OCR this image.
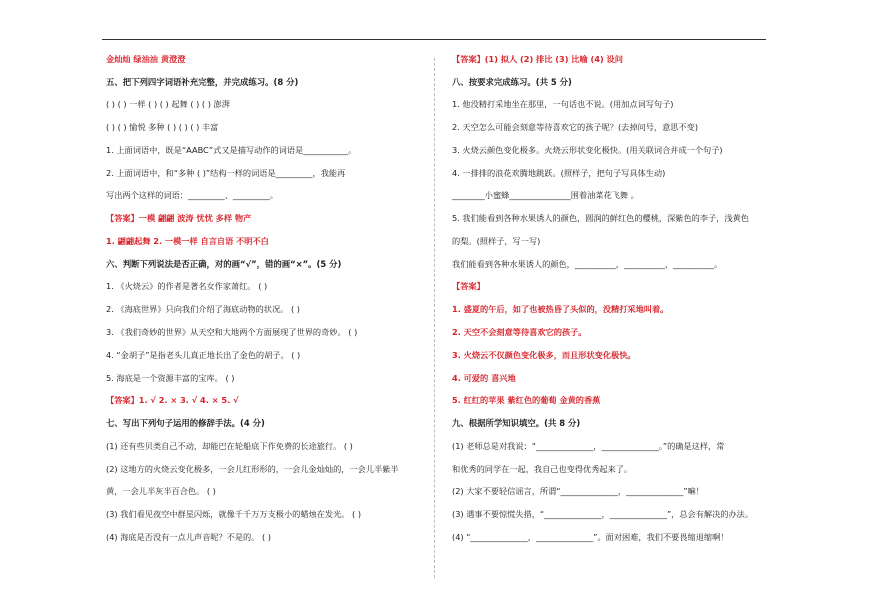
金灿灿 绿油油 黄澄澄
五、把下列四字词语补充完整，并完成练习。(8 分)
( ) ( ) 一样 ( ) ( ) 起舞 ( ) ( ) 澎湃
( ) ( ) 愉悦 多种 ( ) ( ) ( ) 丰富
1. 上面词语中，既是“AABC”式又是描写动作的词语是___________。
2. 上面词语中，和“多种 ( )”结构一样的词语是_________，我能再
写出两个这样的词语：_________、_________。
【答案】一模 翩翩 波涛 忧忧 多样 物产
1. 翩翩起舞 2. 一模一样 自言自语 不明不白
六、判断下列说法是否正确，对的画“√”，错的画“×”。(5 分)
1. 《火烧云》的作者是著名女作家萧红。 ( )
2. 《海底世界》只向我们介绍了海底动物的状况。 ( )
3. 《我们奇妙的世界》从天空和大地两个方面展现了世界的奇妙。 ( )
4. “金胡子”是指老头儿真正地长出了金色的胡子。 ( )
5. 海底是一个资源丰富的宝库。 ( )
【答案】1. √ 2. × 3. √ 4. × 5. √
七、写出下列句子运用的修辞手法。(4 分)
(1) 还有些贝类自己不动，却能巴在轮船底下作免费的长途旅行。 ( )
(2) 这地方的火烧云变化极多，一会儿红形形的，一会儿金灿灿的，一会儿半紫半
黄，一会儿半灰半百合色。 ( )
(3) 我们看见夜空中群星闪烁，就像千千万万支极小的蜡烛在发光。 ( )
(4) 海底是否没有一点儿声音呢？不是的。 ( )
【答案】(1) 拟人 (2) 排比 (3) 比喻 (4) 设问
八、按要求完成练习。(共 5 分)
1. 他没精打采地坐在那里，一句话也不说。(用加点词写句子)
2. 天空怎么可能会刻意等待喜欢它的孩子呢？(去掉问号，意思不变)
3. 火烧云颜色变化极多。火烧云形状变化极快。(用关联词合并成一个句子)
4. 一排排的浪花欢腾地跳跃。(照样子，把句子写具体生动)
________小蜜蜂_______________围着油菜花飞舞 。
5. 我们能看到各种水果诱人的颜色，圆润的鲜红色的樱桃，深紫色的李子，浅黄色
的梨。(照样子，写一写)
我们能看到各种水果诱人的颜色，__________，__________，__________。
【答案】
1. 盛夏的午后，如了也被热昏了头似的，没精打采地叫着。
2. 天空不会刻意等待喜欢它的孩子。
3. 火烧云不仅颜色变化极多，而且形状变化极快。
4. 可爱的 喜兴地
5. 红红的苹果 紫红色的葡萄 金黄的香蕉
九、根据所学知识填空。(共 8 分)
(1) 老师总是对我说：“______________，______________。”的确是这样，常
和优秀的同学在一起，我自己也变得优秀起来了。
(2) 大家不要轻信谣言，所谓“______________，______________”嘛！
(3) 遇事不要惊慌失措，“______________，______________”，总会有解决的办法。
(4) “______________，______________”。面对困难，我们不要畏缩退缩啊！
